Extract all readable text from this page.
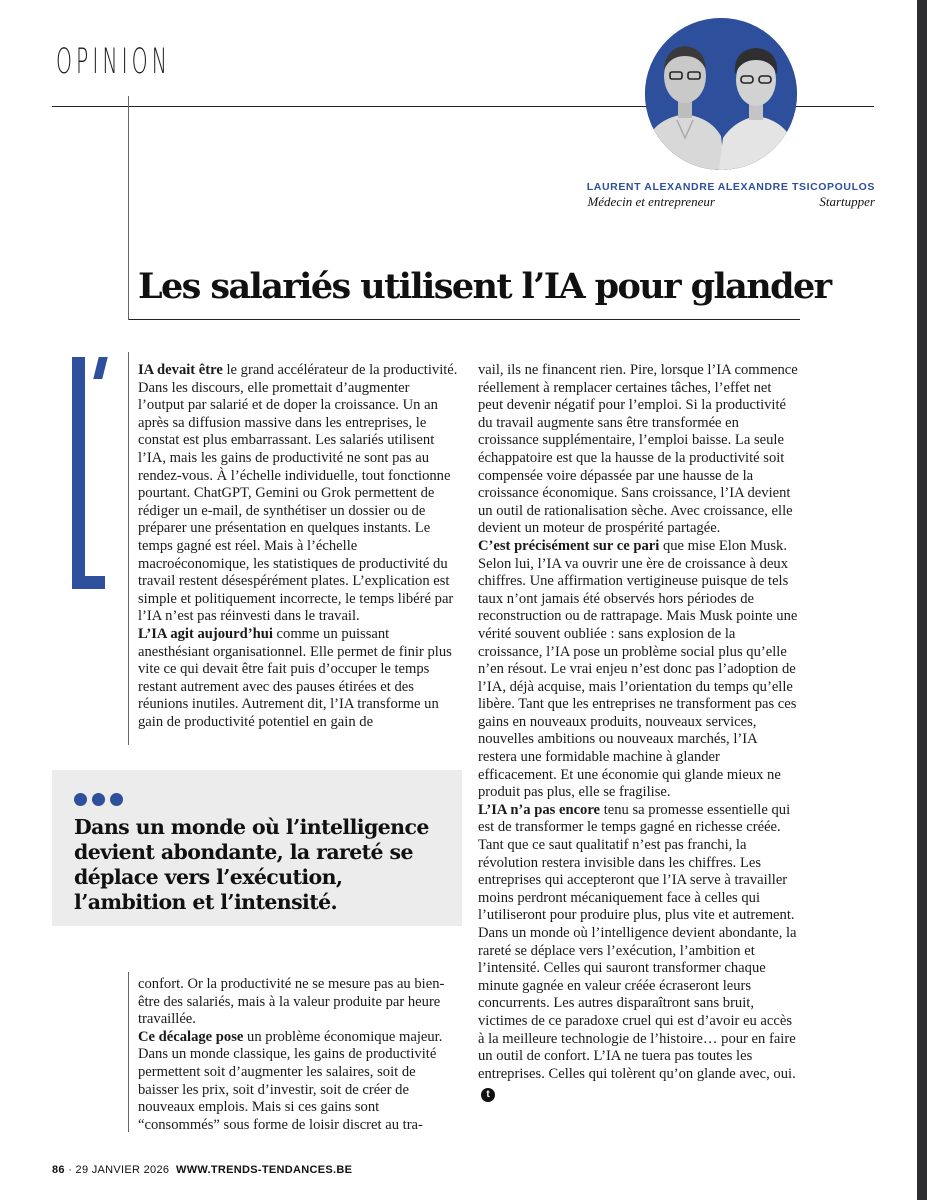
OPINION
LAURENT ALEXANDRE
Médecin et entrepreneur
ALEXANDRE TSICOPOULOS
Startupper
Les salariés utilisent l’IA pour glander

IA devait être le grand accélérateur de la productivité. Dans les discours, elle promettait d’augmenter l’output par salarié et de doper la croissance. Un an après sa diffusion massive dans les entreprises, le constat est plus embarrassant. Les salariés utilisent l’IA, mais les gains de productivité ne sont pas au rendez-vous. À l’échelle individuelle, tout fonctionne pourtant. ChatGPT, Gemini ou Grok permettent de rédiger un e-mail, de synthétiser un dossier ou de préparer une présentation en quelques instants. Le temps gagné est réel. Mais à l’échelle macroéconomique, les statistiques de productivité du travail restent désespérément plates. L’explication est simple et politiquement incorrecte, le temps libéré par l’IA n’est pas réinvesti dans le travail.

L’IA agit aujourd’hui comme un puissant anesthésiant organisationnel. Elle permet de finir plus vite ce qui devait être fait puis d’occuper le temps restant autrement avec des pauses étirées et des réunions inutiles. Autrement dit, l’IA transforme un gain de productivité potentiel en gain de

Dans un monde où l’intelligence devient abondante, la rareté se déplace vers l’exécution, l’ambition et l’intensité.

confort. Or la productivité ne se mesure pas au bien-être des salariés, mais à la valeur produite par heure travaillée.

Ce décalage pose un problème économique majeur. Dans un monde classique, les gains de productivité permettent soit d’augmenter les salaires, soit de baisser les prix, soit d’investir, soit de créer de nouveaux emplois. Mais si ces gains sont “consommés” sous forme de loisir discret au tra-

vail, ils ne financent rien. Pire, lorsque l’IA commence réellement à remplacer certaines tâches, l’effet net peut devenir négatif pour l’emploi. Si la productivité du travail augmente sans être transformée en croissance supplémentaire, l’emploi baisse. La seule échappatoire est que la hausse de la productivité soit compensée voire dépassée par une hausse de la croissance économique. Sans croissance, l’IA devient un outil de rationalisation sèche. Avec croissance, elle devient un moteur de prospérité partagée.

C’est précisément sur ce pari que mise Elon Musk. Selon lui, l’IA va ouvrir une ère de croissance à deux chiffres. Une affirmation vertigineuse puisque de tels taux n’ont jamais été observés hors périodes de reconstruction ou de rattrapage. Mais Musk pointe une vérité souvent oubliée : sans explosion de la croissance, l’IA pose un problème social plus qu’elle n’en résout. Le vrai enjeu n’est donc pas l’adoption de l’IA, déjà acquise, mais l’orientation du temps qu’elle libère. Tant que les entreprises ne transforment pas ces gains en nouveaux produits, nouveaux services, nouvelles ambitions ou nouveaux marchés, l’IA restera une formidable machine à glander efficacement. Et une économie qui glande mieux ne produit pas plus, elle se fragilise.

L’IA n’a pas encore tenu sa promesse essentielle qui est de transformer le temps gagné en richesse créée. Tant que ce saut qualitatif n’est pas franchi, la révolution restera invisible dans les chiffres. Les entreprises qui accepteront que l’IA serve à travailler moins perdront mécaniquement face à celles qui l’utiliseront pour produire plus, plus vite et autrement. Dans un monde où l’intelligence devient abondante, la rareté se déplace vers l’exécution, l’ambition et l’intensité. Celles qui sauront transformer chaque minute gagnée en valeur créée écraseront leurs concurrents. Les autres disparaîtront sans bruit, victimes de ce paradoxe cruel qui est d’avoir eu accès à la meilleure technologie de l’histoire… pour en faire un outil de confort. L’IA ne tuera pas toutes les entreprises. Celles qui tolèrent qu’on glande avec, oui.t

86 · 29 JANVIER 2026 WWW.TRENDS-TENDANCES.BE
